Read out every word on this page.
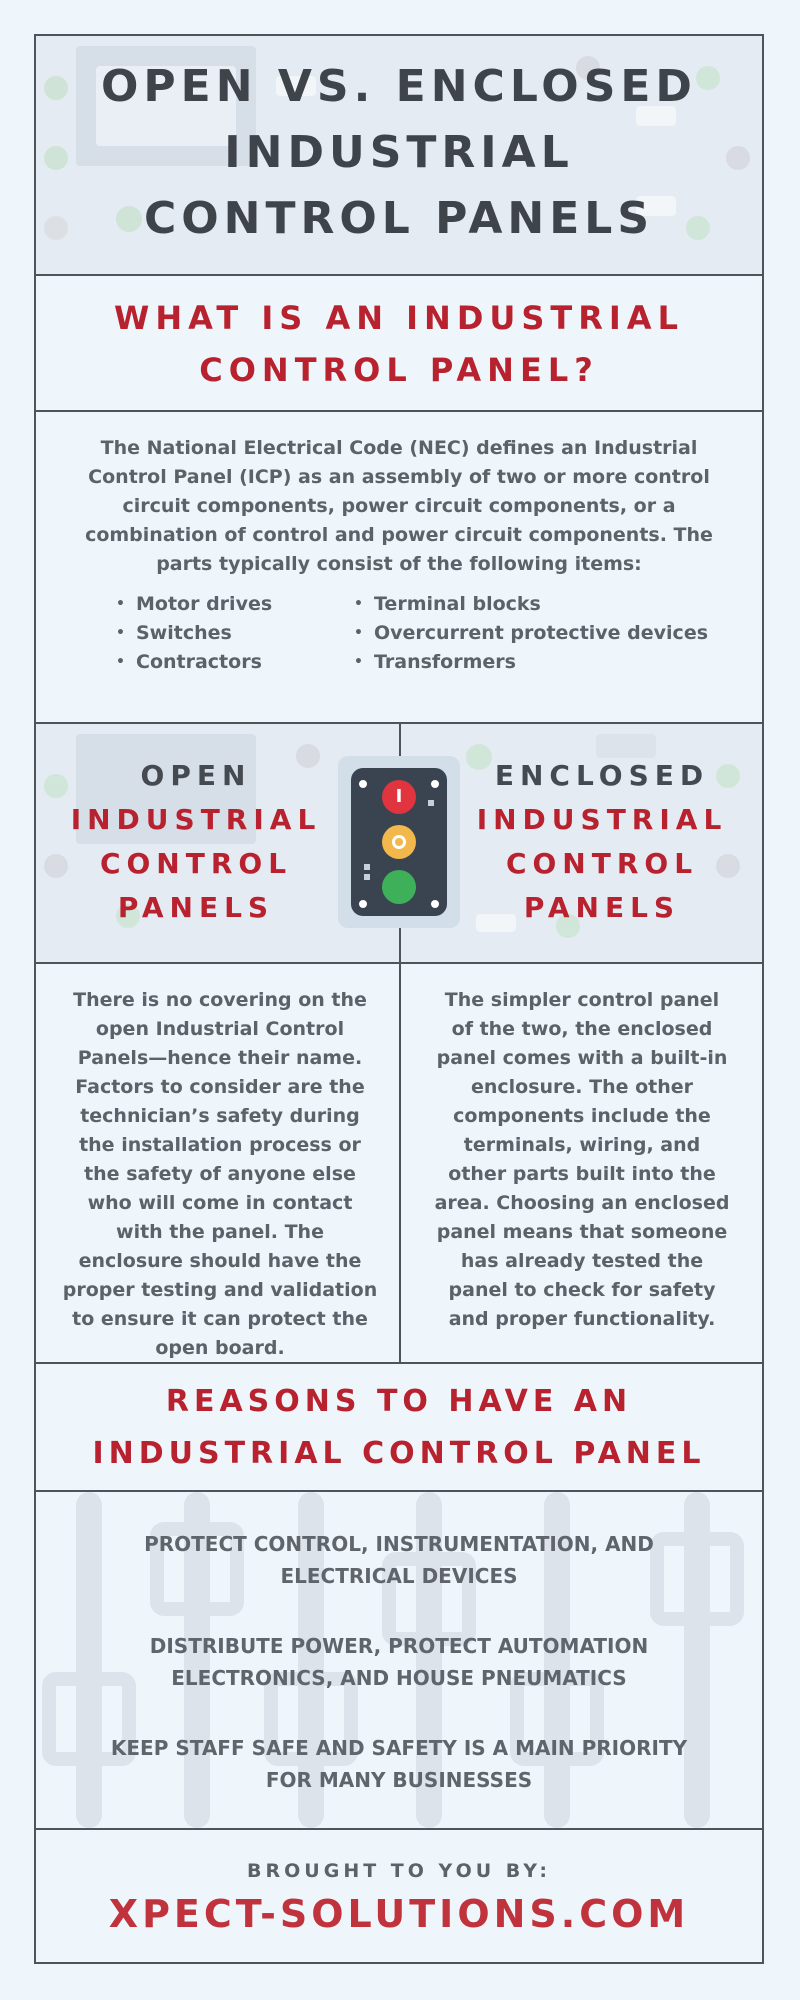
OPEN VS. ENCLOSED
INDUSTRIAL
CONTROL PANELS
WHAT IS AN INDUSTRIAL
CONTROL PANEL?
The National Electrical Code (NEC) defines an Industrial Control Panel (ICP) as an assembly of two or more control circuit components, power circuit components, or a combination of control and power circuit components. The parts typically consist of the following items:
• Motor drives
• Switches
• Contractors
• Terminal blocks
• Overcurrent protective devices
• Transformers
OPEN
INDUSTRIAL
CONTROL
PANELS
ENCLOSED
INDUSTRIAL
CONTROL
PANELS
I
There is no covering on the open Industrial Control Panels—hence their name. Factors to consider are the technician’s safety during the installation process or the safety of anyone else who will come in contact with the panel. The enclosure should have the proper testing and validation to ensure it can protect the open board.
The simpler control panel of the two, the enclosed panel comes with a built-in enclosure. The other components include the terminals, wiring, and other parts built into the area. Choosing an enclosed panel means that someone has already tested the panel to check for safety and proper functionality.
REASONS TO HAVE AN
INDUSTRIAL CONTROL PANEL
PROTECT CONTROL, INSTRUMENTATION, AND ELECTRICAL DEVICES
DISTRIBUTE POWER, PROTECT AUTOMATION ELECTRONICS, AND HOUSE PNEUMATICS
KEEP STAFF SAFE AND SAFETY IS A MAIN PRIORITY FOR MANY BUSINESSES
BROUGHT TO YOU BY:
XPECT-SOLUTIONS.COM
